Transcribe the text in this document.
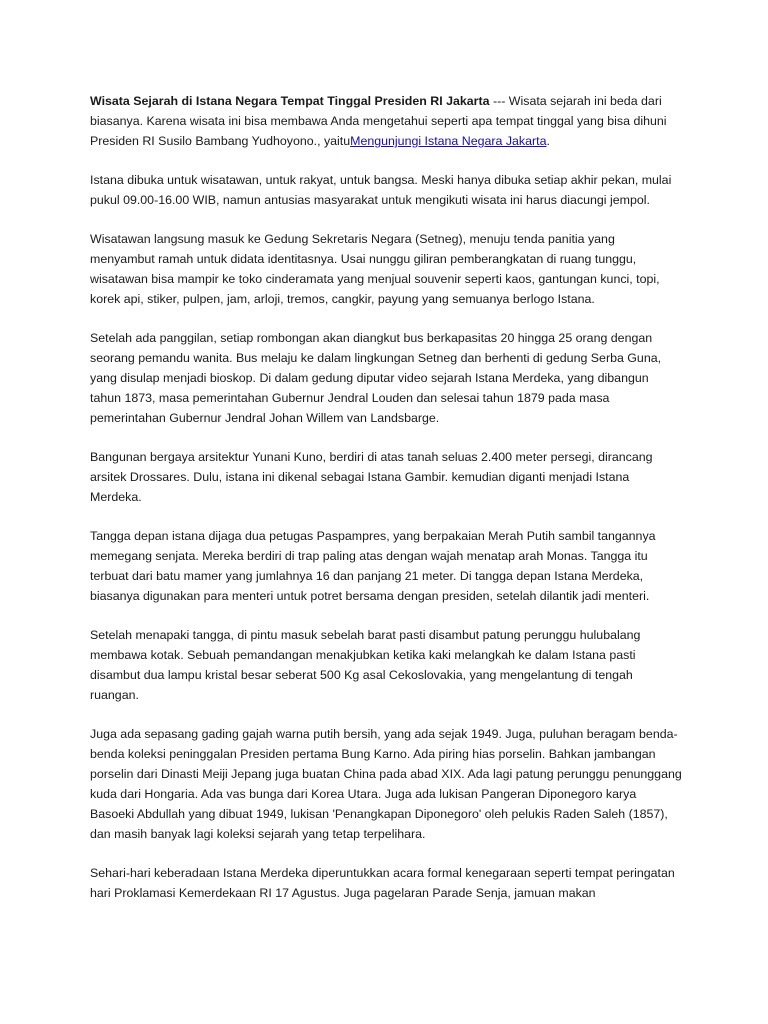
Wisata Sejarah di Istana Negara Tempat Tinggal Presiden RI Jakarta --- Wisata sejarah ini beda dari biasanya. Karena wisata ini bisa membawa Anda mengetahui seperti apa tempat tinggal yang bisa dihuni Presiden RI Susilo Bambang Yudhoyono., yaituMengunjungi Istana Negara Jakarta.

Istana dibuka untuk wisatawan, untuk rakyat, untuk bangsa. Meski hanya dibuka setiap akhir pekan, mulai pukul 09.00-16.00 WIB, namun antusias masyarakat untuk mengikuti wisata ini harus diacungi jempol.

Wisatawan langsung masuk ke Gedung Sekretaris Negara (Setneg), menuju tenda panitia yang menyambut ramah untuk didata identitasnya. Usai nunggu giliran pemberangkatan di ruang tunggu, wisatawan bisa mampir ke toko cinderamata yang menjual souvenir seperti kaos, gantungan kunci, topi, korek api, stiker, pulpen, jam, arloji, tremos, cangkir, payung yang semuanya berlogo Istana.

Setelah ada panggilan, setiap rombongan akan diangkut bus berkapasitas 20 hingga 25 orang dengan seorang pemandu wanita. Bus melaju ke dalam lingkungan Setneg dan berhenti di gedung Serba Guna, yang disulap menjadi bioskop. Di dalam gedung diputar video sejarah Istana Merdeka, yang dibangun tahun 1873, masa pemerintahan Gubernur Jendral Louden dan selesai tahun 1879 pada masa pemerintahan Gubernur Jendral Johan Willem van Landsbarge.

Bangunan bergaya arsitektur Yunani Kuno, berdiri di atas tanah seluas 2.400 meter persegi, dirancang arsitek Drossares. Dulu, istana ini dikenal sebagai Istana Gambir. kemudian diganti menjadi Istana Merdeka.

Tangga depan istana dijaga dua petugas Paspampres, yang berpakaian Merah Putih sambil tangannya memegang senjata. Mereka berdiri di trap paling atas dengan wajah menatap arah Monas. Tangga itu terbuat dari batu mamer yang jumlahnya 16 dan panjang 21 meter. Di tangga depan Istana Merdeka, biasanya digunakan para menteri untuk potret bersama dengan presiden, setelah dilantik jadi menteri.

Setelah menapaki tangga, di pintu masuk sebelah barat pasti disambut patung perunggu hulubalang membawa kotak. Sebuah pemandangan menakjubkan ketika kaki melangkah ke dalam Istana pasti disambut dua lampu kristal besar seberat 500 Kg asal Cekoslovakia, yang mengelantung di tengah ruangan.

Juga ada sepasang gading gajah warna putih bersih, yang ada sejak 1949. Juga, puluhan beragam benda-benda koleksi peninggalan Presiden pertama Bung Karno. Ada piring hias porselin. Bahkan jambangan porselin dari Dinasti Meiji Jepang juga buatan China pada abad XIX. Ada lagi patung perunggu penunggang kuda dari Hongaria. Ada vas bunga dari Korea Utara. Juga ada lukisan Pangeran Diponegoro karya Basoeki Abdullah yang dibuat 1949, lukisan 'Penangkapan Diponegoro' oleh pelukis Raden Saleh (1857), dan masih banyak lagi koleksi sejarah yang tetap terpelihara.

Sehari-hari keberadaan Istana Merdeka diperuntukkan acara formal kenegaraan seperti tempat peringatan hari Proklamasi Kemerdekaan RI 17 Agustus. Juga pagelaran Parade Senja, jamuan makan
